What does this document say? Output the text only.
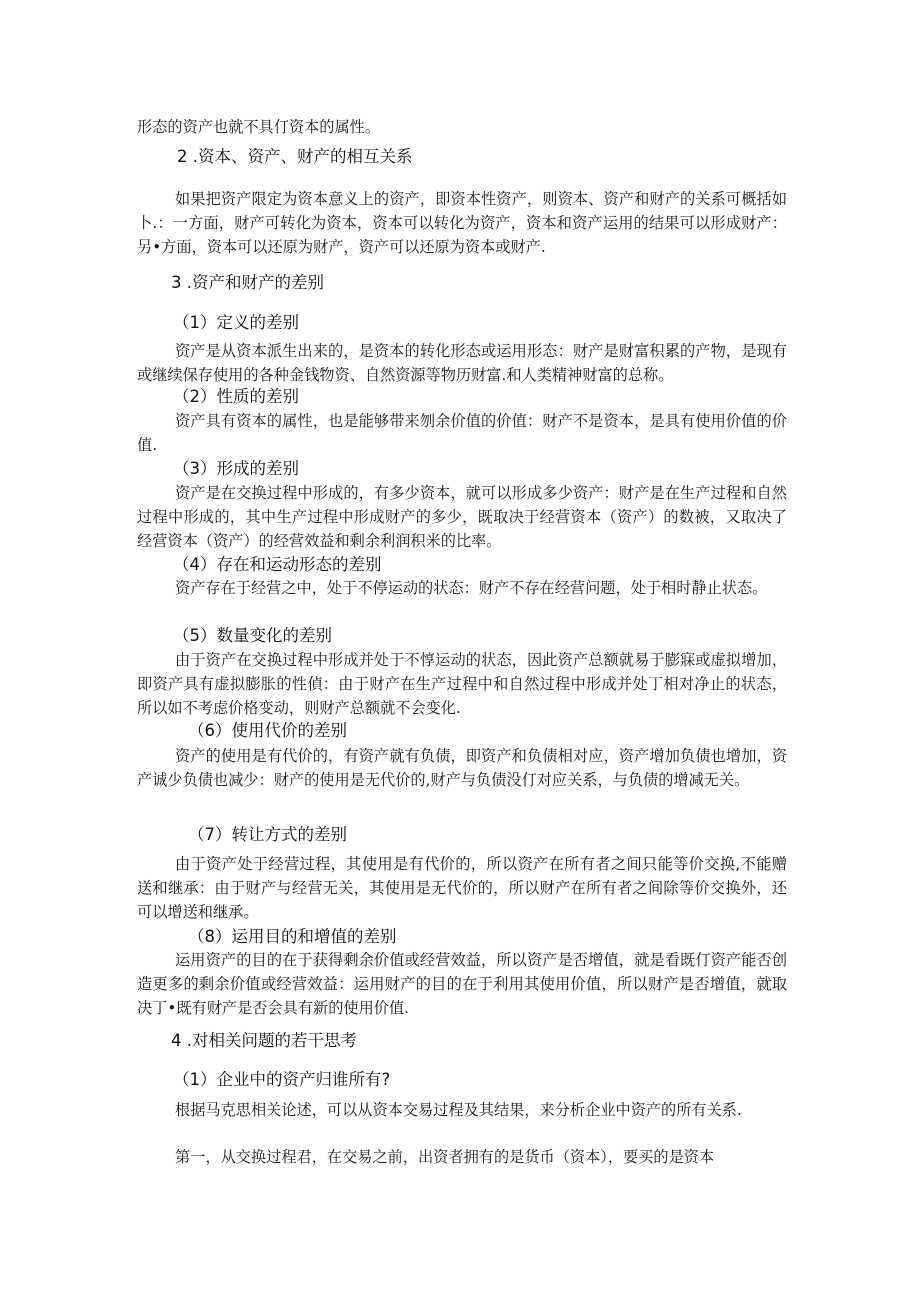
形态的资产也就不具仃资本的属性。

2 .资本、资产、财产的相互关系

如果把资产限定为资本意义上的资产，即资本性资产，则资本、资产和财产的关系可概括如卜.：一方面，财产可转化为资本，资本可以转化为资产，资本和资产运用的结果可以形成财产：另•方面，资本可以还原为财产，资产可以还原为资本或财产.

3 .资产和财产的差别
（1）定义的差别

资产是从资本派生出来的，是资本的转化形态或运用形态：财产是财富积累的产物，是现有或继续保存使用的各种金钱物资、自然资源等物历财富.和人类精神财富的总称。

（2）性质的差别

资产具有资本的属性，也是能够带来刎余价值的价值：财产不是资本，是具有使用价值的价值.

（3）形成的差别

资产是在交换过程中形成的，有多少资本，就可以形成多少资产：财产是在生产过程和自然过程中形成的，其中生产过程中形成财产的多少，既取决于经营资本（资产）的数被，又取决了经营资本（资产）的经营效益和剩余利润积米的比率。

（4）存在和运动形态的差别

资产存在于经营之中，处于不停运动的状态：财产不存在经营问题，处于相时静止状态。

（5）数量变化的差别

由于资产在交换过程中形成并处于不惇运动的状态，因此资产总额就易于膨寐或虚拟增加，即资产具有虚拟膨胀的性偵：由于财产在生产过程中和自然过程中形成并处丁相对净止的状态，所以如不考虑价格变动，则财产总额就不会变化.

（6）使用代价的差别

资产的使用是有代价的，有资产就有负债，即资产和负债相对应，资产增加负债也增加，资产诚少负债也减少：财产的使用是无代价的,财产与负债没仃对应关系，与负债的增减无关。

（7）转让方式的差别

由于资产处于经营过程，其使用是有代价的，所以资产在所有者之间只能等价交换,不能赠送和继承：由于财产与经营无关，其使用是无代价的，所以财产在所有者之间除等价交换外，还可以增送和继承。

（8）运用目的和增值的差别

运用资产的目的在于获得剩余价值或经营效益，所以资产是否增值，就是看既仃资产能否创造更多的剩余价值或经营效益：运用财产的目的在于利用其使用价值，所以财产是否增值，就取决丁•既有财产是否会具有新的使用价值.

4 .对相关问题的若干思考
（1）企业中的资产归谁所有?

根据马克思相关论述，可以从资本交易过程及其结果，来分析企业中资产的所有关系.

第一，从交换过程君，在交易之前，出资者拥有的是货币（资本），要买的是资本
